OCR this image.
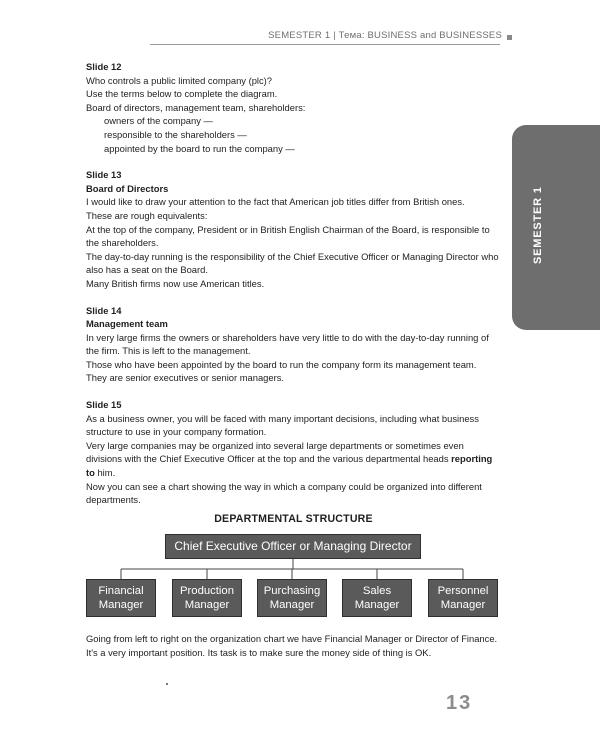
SEMESTER 1 | Тема: BUSINESS and BUSINESSES
SEMESTER 1

Slide 12

Who controls a public limited company (plc)?

Use the terms below to complete the diagram.

Board of directors, management team, shareholders:

owners of the company —

responsible to the shareholders —

appointed by the board to run the company —

Slide 13

Board of Directors

I would like to draw your attention to the fact that American job titles differ from British ones.

These are rough equivalents:

At the top of the company, President or in British English Chairman of the Board, is responsible to the shareholders.

The day-to-day running is the responsibility of the Chief Executive Officer or Managing Director who also has a seat on the Board.

Many British firms now use American titles.

Slide 14

Management team

In very large firms the owners or shareholders have very little to do with the day-to-day running of the firm. This is left to the management.

Those who have been appointed by the board to run the company form its management team.

They are senior executives or senior managers.

Slide 15

As a business owner, you will be faced with many important decisions, including what business structure to use in your company formation.

Very large companies may be organized into several large departments or sometimes even divisions with the Chief Executive Officer at the top and the various departmental heads reporting to him.

Now you can see a chart showing the way in which a company could be organized into different departments.

DEPARTMENTAL STRUCTURE
Chief Executive Officer or Managing Director
Financial
Manager
Production
Manager
Purchasing
Manager
Sales
Manager
Personnel
Manager

Going from left to right on the organization chart we have Financial Manager or Director of Finance. It's a very important position. Its task is to make sure the money side of thing is OK.

13
